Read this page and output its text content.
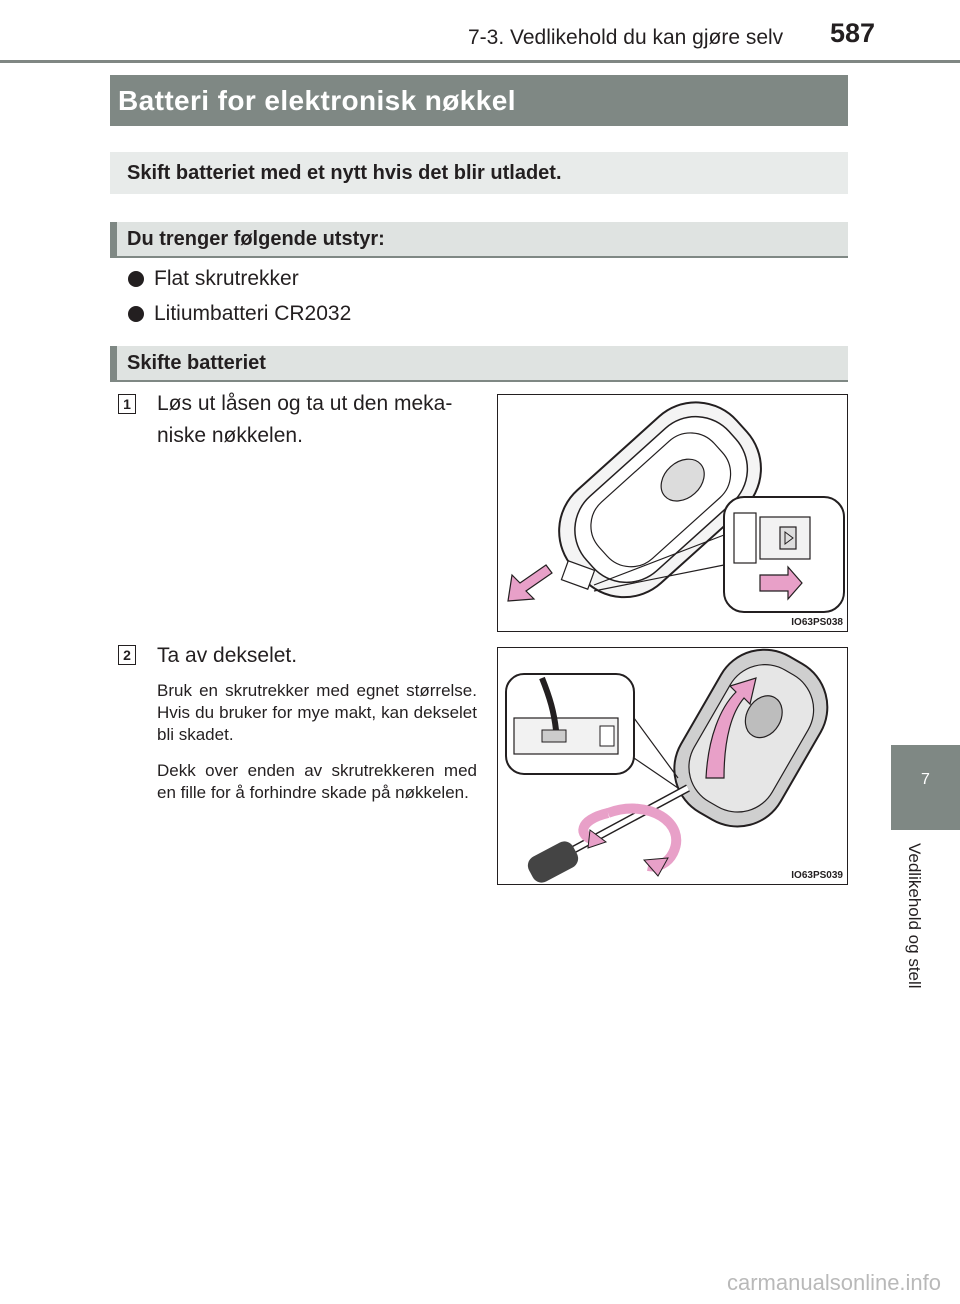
7-3. Vedlikehold du kan gjøre selv 587
Batteri for elektronisk nøkkel
Skift batteriet med et nytt hvis det blir utladet.
Du trenger følgende utstyr:
Flat skrutrekker
Litiumbatteri CR2032
Skifte batteriet
1 Løs ut låsen og ta ut den meka-niske nøkkelen.
IO63PS038
2 Ta av dekselet.
Bruk en skrutrekker med egnet størrelse. Hvis du bruker for mye makt, kan dekselet bli skadet.
Dekk over enden av skrutrekkeren med en fille for å forhindre skade på nøkkelen.
IO63PS039
7
Vedlikehold og stell
carmanualsonline.info
